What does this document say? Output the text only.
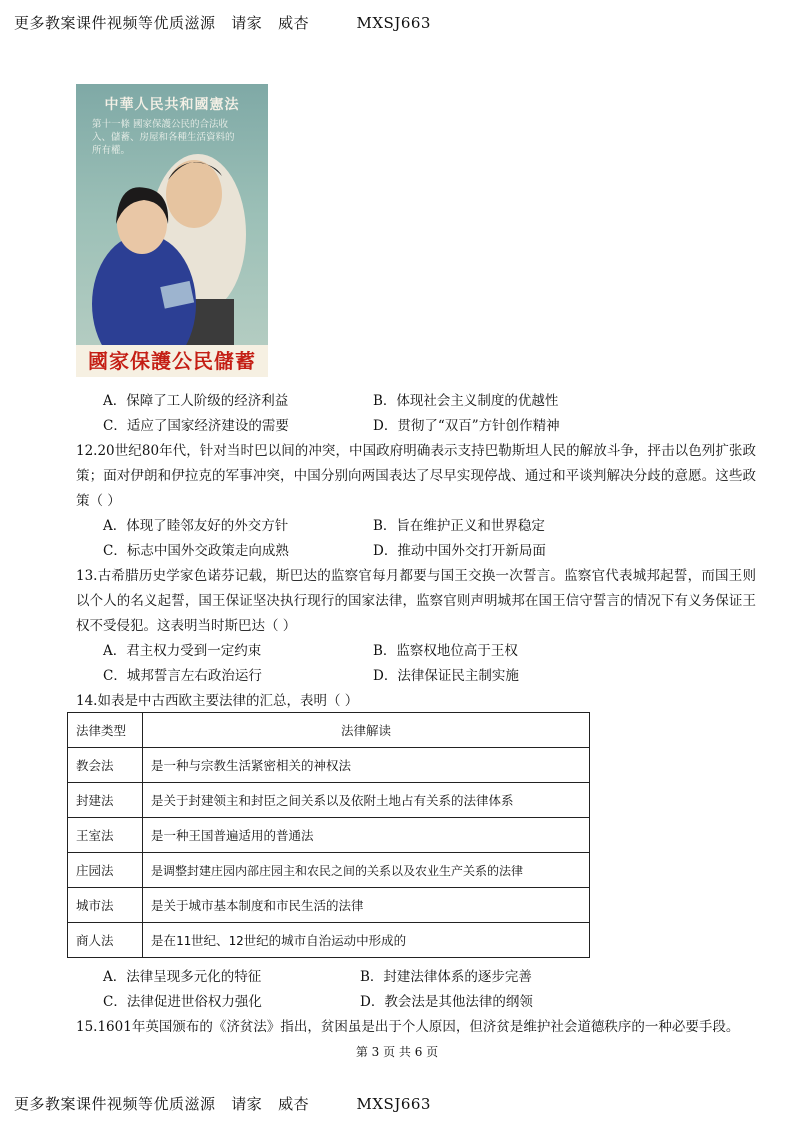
更多教案课件视频等优质滋源   请家   威杏         MXSJ663
中華人民共和國憲法
第十一條 國家保護公民的合法收入、儲蓄、房屋和各種生活資料的所有權。
國家保護公民儲蓄
A．保障了工人阶级的经济利益	B．体现社会主义制度的优越性
C．适应了国家经济建设的需要	D．贯彻了“双百”方针创作精神
12.20世纪80年代，针对当时巴以间的冲突，中国政府明确表示支持巴勒斯坦人民的解放斗争，抨击以色列扩张政策；面对伊朗和伊拉克的军事冲突，中国分别向两国表达了尽早实现停战、通过和平谈判解决分歧的意愿。这些政策（ ）
A．体现了睦邻友好的外交方针	B．旨在维护正义和世界稳定
C．标志中国外交政策走向成熟	D．推动中国外交打开新局面
13.古希腊历史学家色诺芬记载，斯巴达的监察官每月都要与国王交换一次誓言。监察官代表城邦起誓，而国王则以个人的名义起誓，国王保证坚决执行现行的国家法律，监察官则声明城邦在国王信守誓言的情况下有义务保证王权不受侵犯。这表明当时斯巴达（ ）
A．君主权力受到一定约束	B．监察权地位高于王权
C．城邦誓言左右政治运行	D．法律保证民主制实施
14.如表是中古西欧主要法律的汇总，表明（ ）
法律类型	法律解读
教会法	是一种与宗教生活紧密相关的神权法
封建法	是关于封建领主和封臣之间关系以及依附土地占有关系的法律体系
王室法	是一种王国普遍适用的普通法
庄园法	是调整封建庄园内部庄园主和农民之间的关系以及农业生产关系的法律
城市法	是关于城市基本制度和市民生活的法律
商人法	是在11世纪、12世纪的城市自治运动中形成的
A．法律呈现多元化的特征	B．封建法律体系的逐步完善
C．法律促进世俗权力强化	D．教会法是其他法律的纲领
15.1601年英国颁布的《济贫法》指出，贫困虽是出于个人原因，但济贫是维护社会道德秩序的一种必要手段。
第 3 页 共 6 页
更多教案课件视频等优质滋源   请家   威杏         MXSJ663
